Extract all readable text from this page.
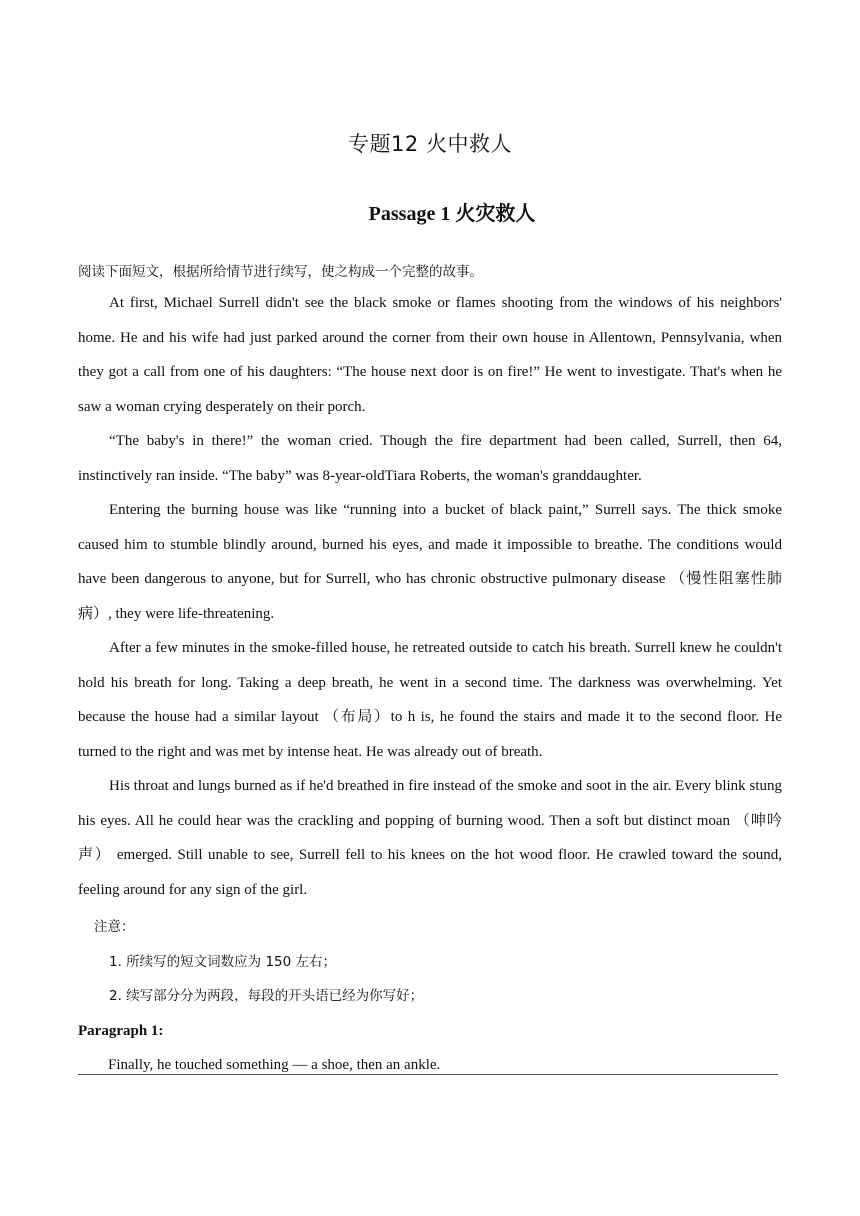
专题12 火中救人
Passage 1 火灾救人
阅读下面短文，根据所给情节进行续写，使之构成一个完整的故事。

At first, Michael Surrell didn't see the black smoke or flames shooting from the windows of his neighbors' home. He and his wife had just parked around the corner from their own house in Allentown, Pennsylvania, when they got a call from one of his daughters: “The house next door is on fire!” He went to investigate. That's when he saw a woman crying desperately on their porch.

“The baby's in there!” the woman cried. Though the fire department had been called, Surrell, then 64, instinctively ran inside. “The baby” was 8-year-oldTiara Roberts, the woman's granddaughter.

Entering the burning house was like “running into a bucket of black paint,” Surrell says. The thick smoke caused him to stumble blindly around, burned his eyes, and made it impossible to breathe. The conditions would have been dangerous to anyone, but for Surrell, who has chronic obstructive pulmonary disease （慢性阻塞性肺病）, they were life-threatening.

After a few minutes in the smoke-filled house, he retreated outside to catch his breath. Surrell knew he couldn't hold his breath for long. Taking a deep breath, he went in a second time. The darkness was overwhelming. Yet because the house had a similar layout （布局）to h is, he found the stairs and made it to the second floor. He turned to the right and was met by intense heat. He was already out of breath.

His throat and lungs burned as if he'd breathed in fire instead of the smoke and soot in the air. Every blink stung his eyes. All he could hear was the crackling and popping of burning wood. Then a soft but distinct moan （呻吟声） emerged. Still unable to see, Surrell fell to his knees on the hot wood floor. He crawled toward the sound, feeling around for any sign of the girl.

注意：
1. 所续写的短文词数应为 150 左右；
2. 续写部分分为两段，每段的开头语已经为你写好；
Paragraph 1:
Finally, he touched something — a shoe, then an ankle.
